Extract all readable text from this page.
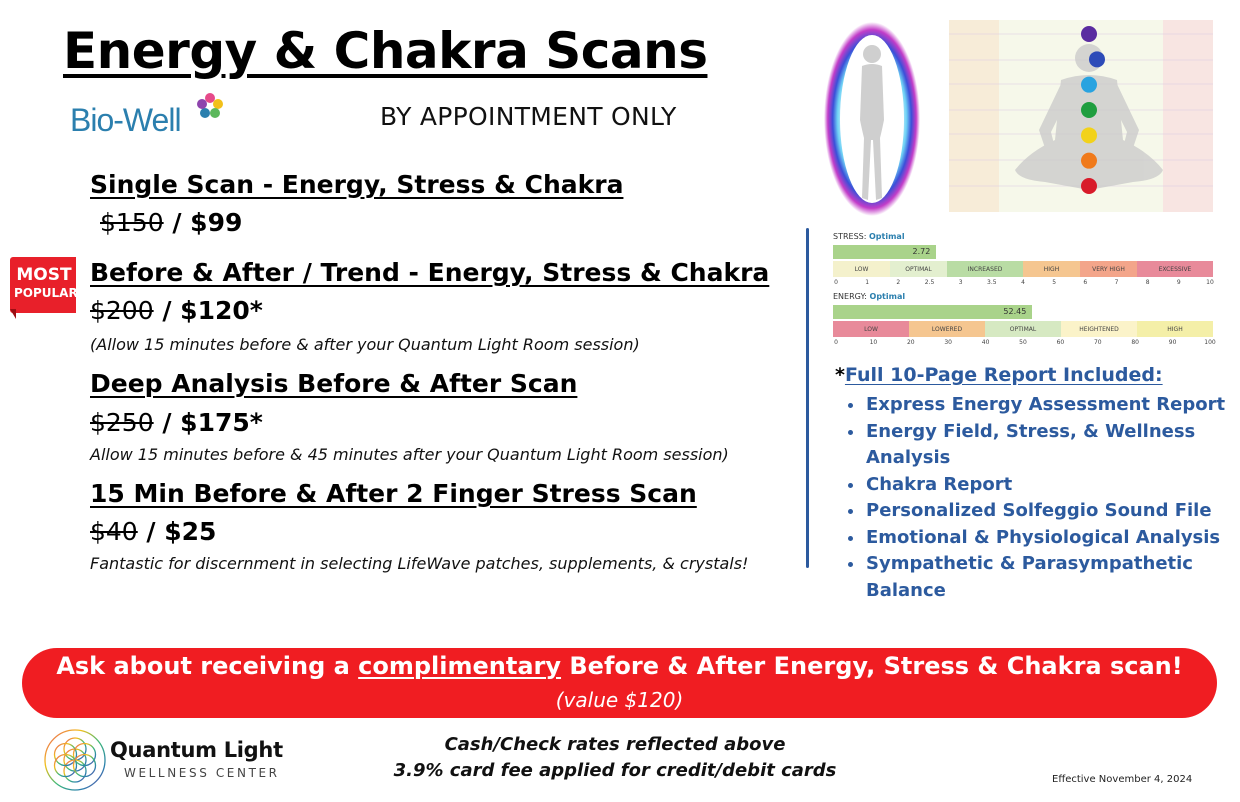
Energy & Chakra Scans
Bio-Well	BY APPOINTMENT ONLY
Single Scan - Energy, Stress & Chakra
$150 / $99
MOST
POPULAR
Before & After / Trend - Energy, Stress & Chakra
$200 / $120*
(Allow 15 minutes before & after your Quantum Light Room session)
Deep Analysis Before & After Scan
$250 / $175*
Allow 15 minutes before & 45 minutes after your Quantum Light Room session)
15 Min Before & After 2 Finger Stress Scan
$40 / $25
Fantastic for discernment in selecting LifeWave patches, supplements, & crystals!
STRESS: Optimal
2.72
LOW	OPTIMAL	INCREASED	HIGH	VERY HIGH	EXCESSIVE
0	1	2	2.5	3	3.5	4	5	6	7	8	9	10
ENERGY: Optimal
52.45
LOW	LOWERED	OPTIMAL	HEIGHTENED	HIGH
0	10	20	30	40	50	60	70	80	90	100
*Full 10-Page Report Included:
Express Energy Assessment Report
Energy Field, Stress, & Wellness Analysis
Chakra Report
Personalized Solfeggio Sound File
Emotional & Physiological Analysis
Sympathetic & Parasympathetic Balance
Ask about receiving a complimentary Before & After Energy, Stress & Chakra scan!
(value $120)
Quantum Light
WELLNESS CENTER
Cash/Check rates reflected above
3.9% card fee applied for credit/debit cards	Effective November 4, 2024
